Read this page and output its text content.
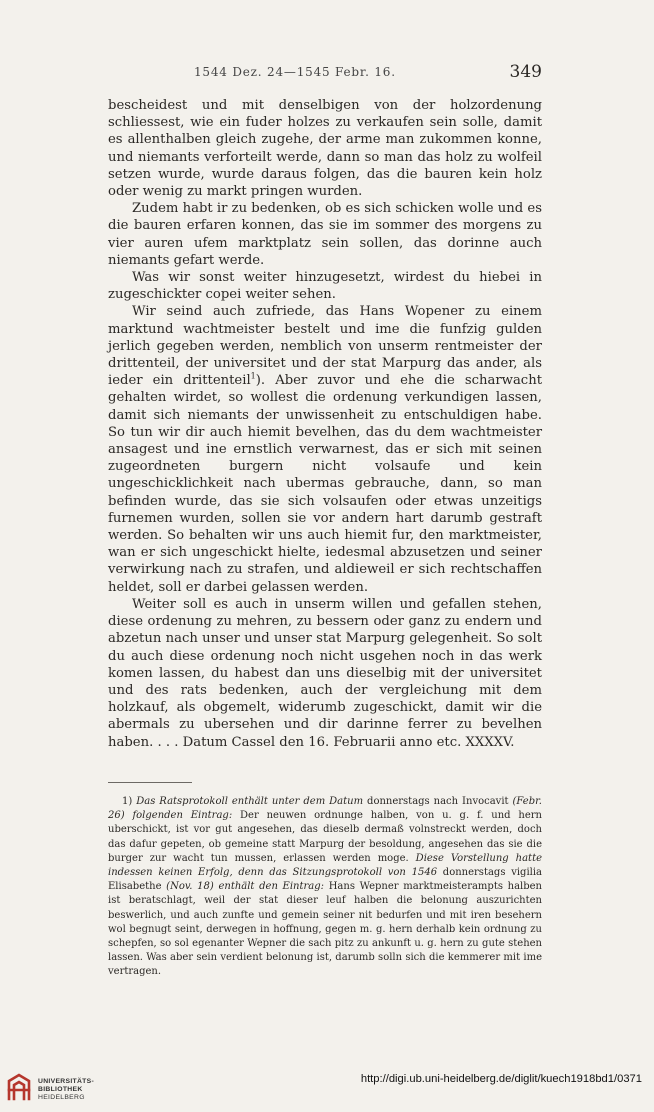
1544 Dez. 24—1545 Febr. 16.	349

bescheidest und mit denselbigen von der holzordenung schliessest, wie ein fuder holzes zu verkaufen sein solle, damit es allenthalben gleich zugehe, der arme man zukommen konne, und niemants verforteilt werde, dann so man das holz zu wolfeil setzen wurde, wurde daraus folgen, das die bauren kein holz oder wenig zu markt pringen wurden.

Zudem habt ir zu bedenken, ob es sich schicken wolle und es die bauren erfaren konnen, das sie im sommer des morgens zu vier auren ufem marktplatz sein sollen, das dorinne auch niemants gefart werde.

Was wir sonst weiter hinzugesetzt, wirdest du hiebei in zugeschickter copei weiter sehen.

Wir seind auch zufriede, das Hans Wopener zu einem marktund wachtmeister bestelt und ime die funfzig gulden jerlich gegeben werden, nemblich von unserm rentmeister der drittenteil, der universitet und der stat Marpurg das ander, als ieder ein drittenteil$^1$). Aber zuvor und ehe die scharwacht gehalten wirdet, so wollest die ordenung verkundigen lassen, damit sich niemants der unwissenheit zu entschuldigen habe. So tun wir dir auch hiemit bevelhen, das du dem wachtmeister ansagest und ine ernstlich verwarnest, das er sich mit seinen zugeordneten burgern nicht volsaufe und kein ungeschicklichkeit nach ubermas gebrauche, dann, so man befinden wurde, das sie sich volsaufen oder etwas unzeitigs furnemen wurden, sollen sie vor andern hart darumb gestraft werden. So behalten wir uns auch hiemit fur, den marktmeister, wan er sich ungeschickt hielte, iedesmal abzusetzen und seiner verwirkung nach zu strafen, und aldieweil er sich rechtschaffen heldet, soll er darbei gelassen werden.

Weiter soll es auch in unserm willen und gefallen stehen, diese ordenung zu mehren, zu bessern oder ganz zu endern und abzetun nach unser und unser stat Marpurg gelegenheit. So solt du auch diese ordenung noch nicht usgehen noch in das werk komen lassen, du habest dan uns dieselbig mit der universitet und des rats bedenken, auch der vergleichung mit dem holzkauf, als obgemelt, widerumb zugeschickt, damit wir die abermals zu ubersehen und dir darinne ferrer zu bevelhen haben. . . . Datum Cassel den 16. Februarii anno etc. XXXXV.

1) Das Ratsprotokoll enthält unter dem Datum donnerstags nach Invocavit (Febr. 26) folgenden Eintrag: Der neuwen ordnunge halben, von u. g. f. und hern uberschickt, ist vor gut angesehen, das dieselb dermaß volnstreckt werden, doch das dafur gepeten, ob gemeine statt Marpurg der besoldung, angesehen das sie die burger zur wacht tun mussen, erlassen werden moge. Diese Vorstellung hatte indessen keinen Erfolg, denn das Sitzungsprotokoll von 1546 donnerstags vigilia Elisabethe (Nov. 18) enthält den Eintrag: Hans Wepner marktmeisterampts halben ist beratschlagt, weil der stat dieser leuf halben die belonung auszurichten beswerlich, und auch zunfte und gemein seiner nit bedurfen und mit iren besehern wol begnugt seint, derwegen in hoffnung, gegen m. g. hern derhalb kein ordnung zu schepfen, so sol egenanter Wepner die sach pitz zu ankunft u. g. hern zu gute stehen lassen. Was aber sein verdient belonung ist, darumb solln sich die kemmerer mit ime vertragen.
UNIVERSITÄTS-
BIBLIOTHEK
HEIDELBERG
http://digi.ub.uni-heidelberg.de/diglit/kuech1918bd1/0371
